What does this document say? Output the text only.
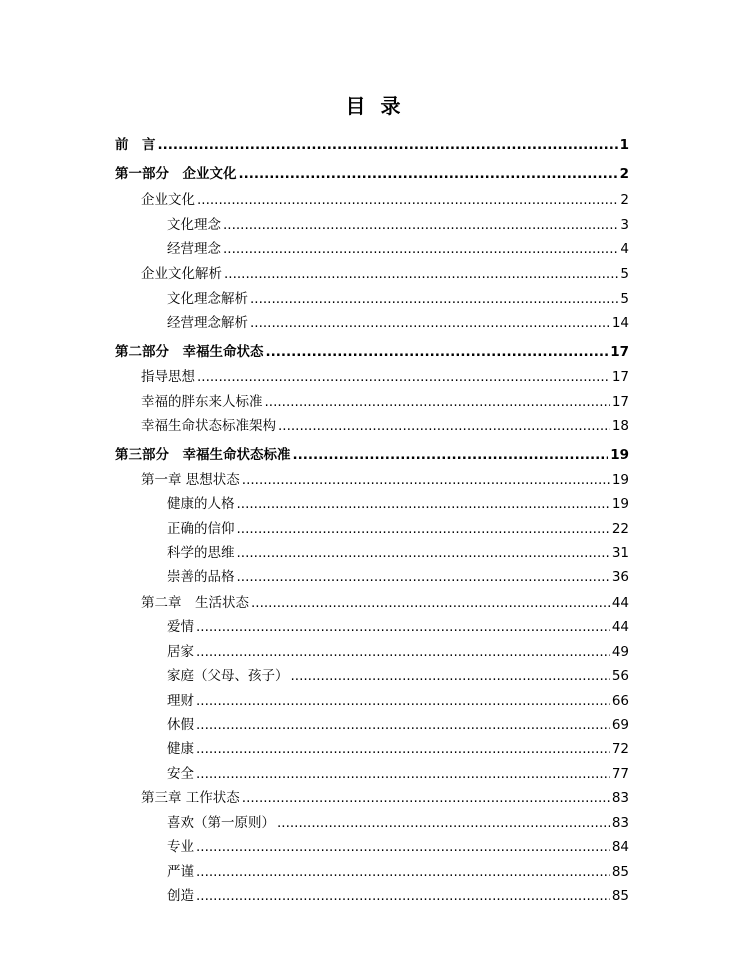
目 录
前　言 .....	1
第一部分　企业文化 .....	2
企业文化 .....	2
文化理念 .....	3
经营理念 .....	4
企业文化解析 .....	5
文化理念解析 .....	5
经营理念解析 .....	14
第二部分　幸福生命状态 .....	17
指导思想 .....	17
幸福的胖东来人标准 .....	17
幸福生命状态标准架构 .....	18
第三部分　幸福生命状态标准 .....	19
第一章 思想状态 .....	19
健康的人格 .....	19
正确的信仰 .....	22
科学的思维 .....	31
崇善的品格 .....	36
第二章　生活状态 .....	44
爱情 .....	44
居家 .....	49
家庭（父母、孩子） .....	56
理财 .....	66
休假 .....	69
健康 .....	72
安全 .....	77
第三章 工作状态 .....	83
喜欢（第一原则） .....	83
专业 .....	84
严谨 .....	85
创造 .....	85
